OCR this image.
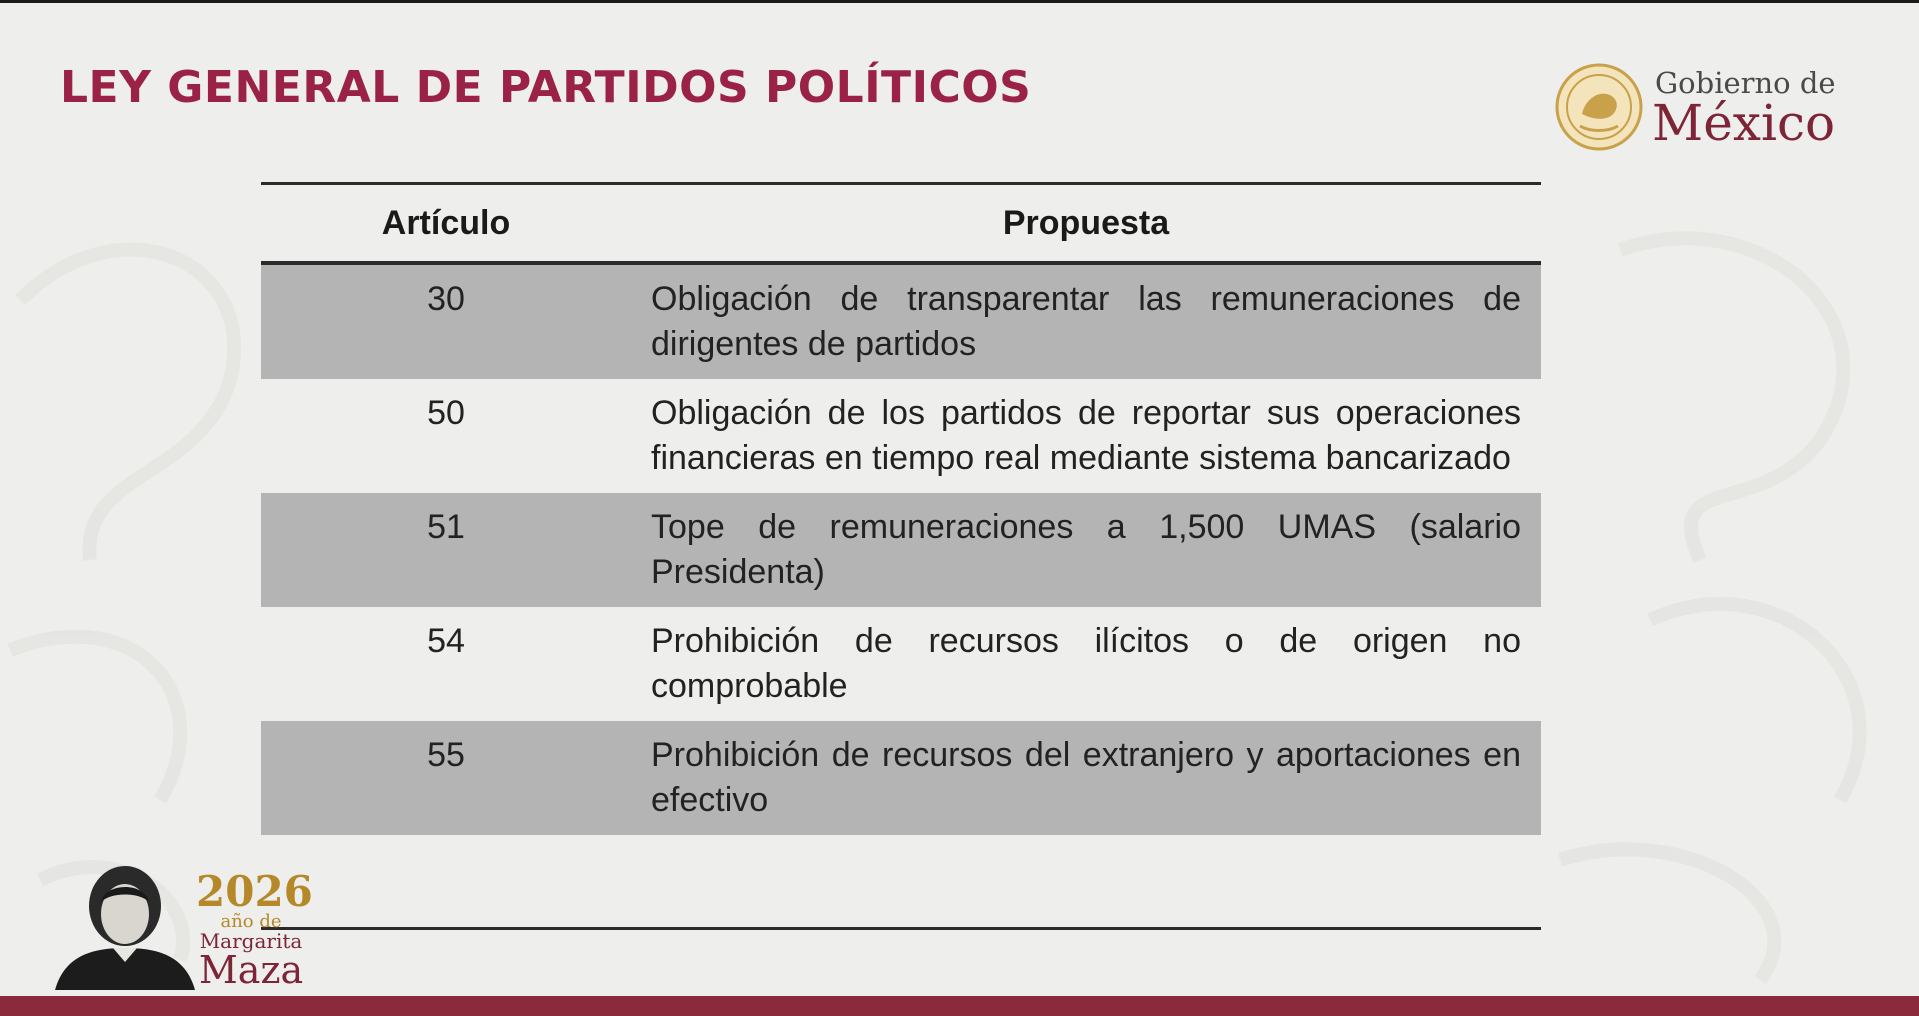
LEY GENERAL DE PARTIDOS POLÍTICOS	Gobierno de
México
Artículo	Propuesta
30	Obligación de transparentar las remuneraciones de dirigentes de partidos
50	Obligación de los partidos de reportar sus operaciones financieras en tiempo real mediante sistema bancarizado
51	Tope de remuneraciones a 1,500 UMAS (salario Presidenta)
54	Prohibición de recursos ilícitos o de origen no comprobable
55	Prohibición de recursos del extranjero y aportaciones en efectivo
2026
año de
Margarita
Maza
